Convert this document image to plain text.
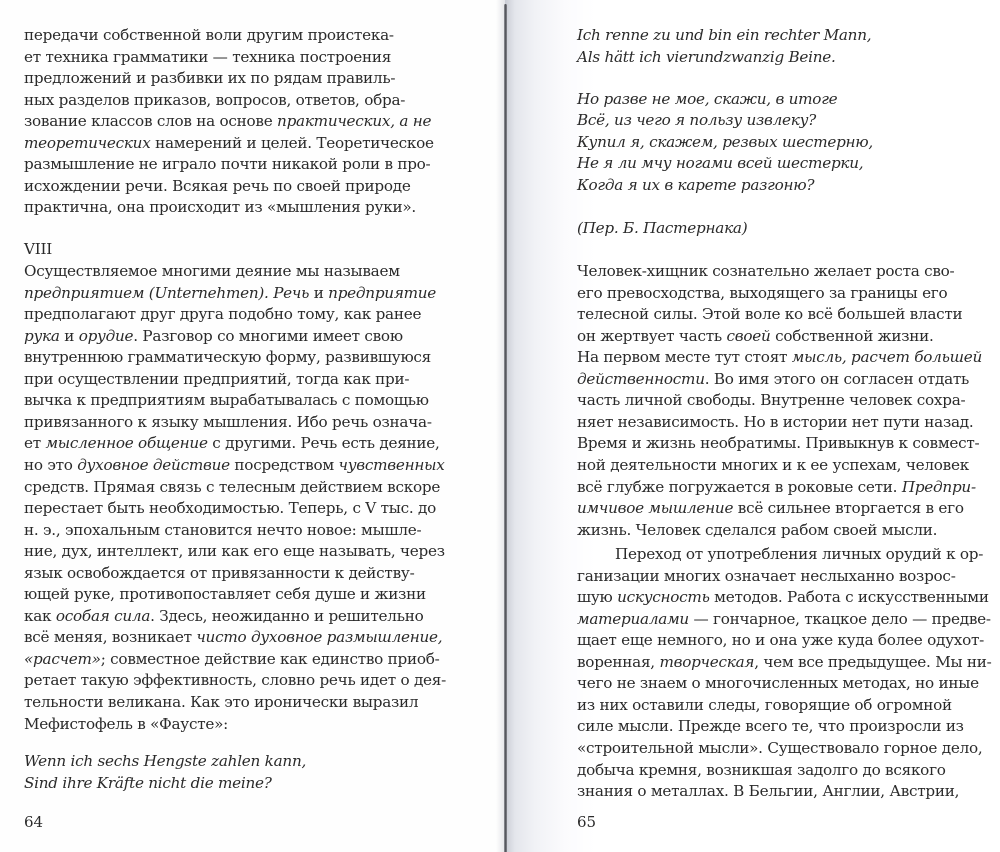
передачи собственной воли другим проистека-
ет техника грамматики — техника построения
предложений и разбивки их по рядам правиль-
ных разделов приказов, вопросов, ответов, обра-
зование классов слов на основе практических, а не
теоретических намерений и целей. Теоретическое
размышление не играло почти никакой роли в про-
исхождении речи. Всякая речь по своей природе
практична, она происходит из «мышления руки».
VIII
Осуществляемое многими деяние мы называем
предприятием (Unternehmen). Речь и предприятие
предполагают друг друга подобно тому, как ранее
рука и орудие. Разговор со многими имеет свою
внутреннюю грамматическую форму, развившуюся
при осуществлении предприятий, тогда как при-
вычка к предприятиям вырабатывалась с помощью
привязанного к языку мышления. Ибо речь означа-
ет мысленное общение с другими. Речь есть деяние,
но это духовное действие посредством чувственных
средств. Прямая связь с телесным действием вскоре
перестает быть необходимостью. Теперь, с V тыс. до
н. э., эпохальным становится нечто новое: мышле-
ние, дух, интеллект, или как его еще называть, через
язык освобождается от привязанности к действу-
ющей руке, противопоставляет себя душе и жизни
как особая сила. Здесь, неожиданно и решительно
всё меняя, возникает чисто духовное размышление,
«расчет»; совместное действие как единство приоб-
ретает такую эффективность, словно речь идет о дея-
тельности великана. Как это иронически выразил
Мефистофель в «Фаусте»:
Wenn ich sechs Hengste zahlen kann,
Sind ihre Kräfte nicht die meine?
64
Ich renne zu und bin ein rechter Mann,
Als hätt ich vierundzwanzig Beine.
Но разве не мое, скажи, в итоге
Всё, из чего я пользу извлеку?
Купил я, скажем, резвых шестерню,
Не я ли мчу ногами всей шестерки,
Когда я их в карете разгоню?
(Пер. Б. Пастернака)
Человек-хищник сознательно желает роста сво-
его превосходства, выходящего за границы его
телесной силы. Этой воле ко всё большей власти
он жертвует часть своей собственной жизни.
На первом месте тут стоят мысль, расчет большей
действенности. Во имя этого он согласен отдать
часть личной свободы. Внутренне человек сохра-
няет независимость. Но в истории нет пути назад.
Время и жизнь необратимы. Привыкнув к совмест-
ной деятельности многих и к ее успехам, человек
всё глубже погружается в роковые сети. Предпри-
имчивое мышление всё сильнее вторгается в его
жизнь. Человек сделался рабом своей мысли.
Переход от употребления личных орудий к ор-
ганизации многих означает неслыханно возрос-
шую искусность методов. Работа с искусственными
материалами — гончарное, ткацкое дело — предве-
щает еще немного, но и она уже куда более одухот-
воренная, творческая, чем все предыдущее. Мы ни-
чего не знаем о многочисленных методах, но иные
из них оставили следы, говорящие об огромной
силе мысли. Прежде всего те, что произросли из
«строительной мысли». Существовало горное дело,
добыча кремня, возникшая задолго до всякого
знания о металлах. В Бельгии, Англии, Австрии,
65
